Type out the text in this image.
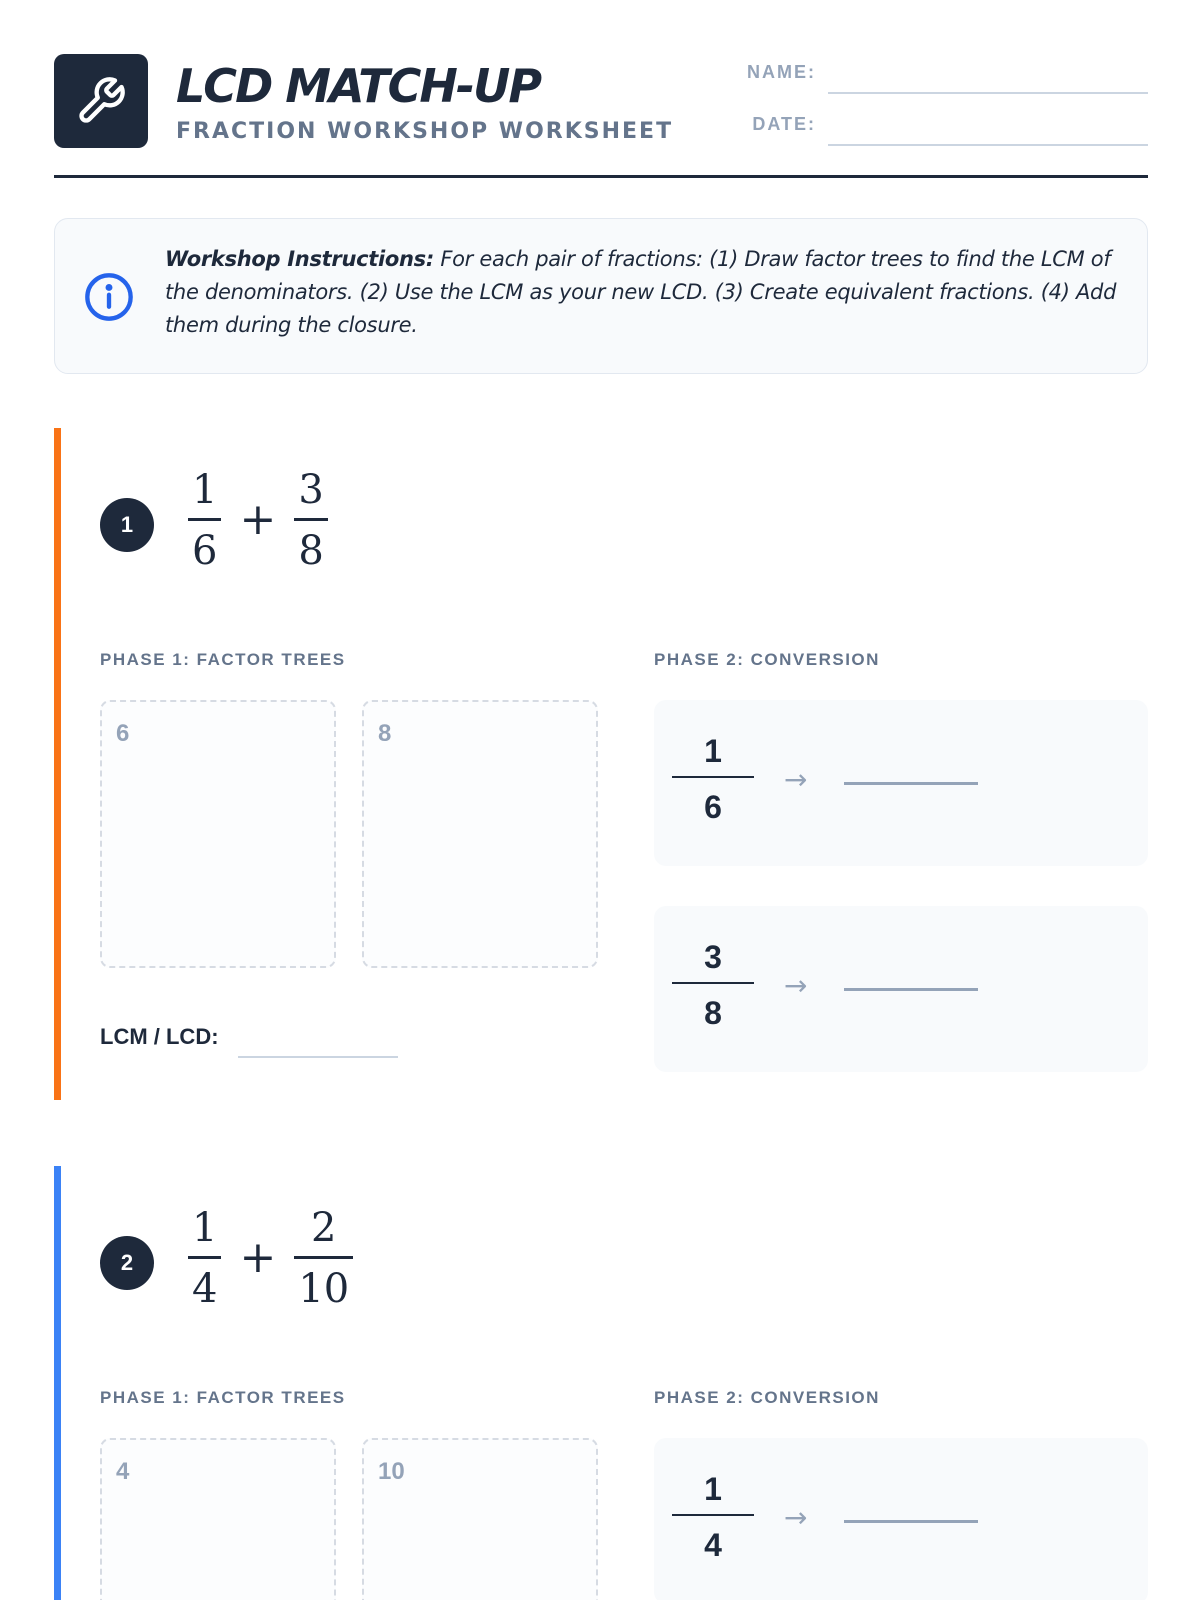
LCD MATCH-UP
FRACTION WORKSHOP WORKSHEET
NAME:
DATE:
Workshop Instructions: For each pair of fractions: (1) Draw factor trees to find the LCM of the denominators. (2) Use the LCM as your new LCD. (3) Create equivalent fractions. (4) Add them during the closure.
1
1
6
+
3
8
PHASE 1: FACTOR TREES	PHASE 2: CONVERSION
6	8
LCM / LCD:
1
6
→
3
8
→
2
1
4
+
2
10
PHASE 1: FACTOR TREES	PHASE 2: CONVERSION
4	10	1
4
→
